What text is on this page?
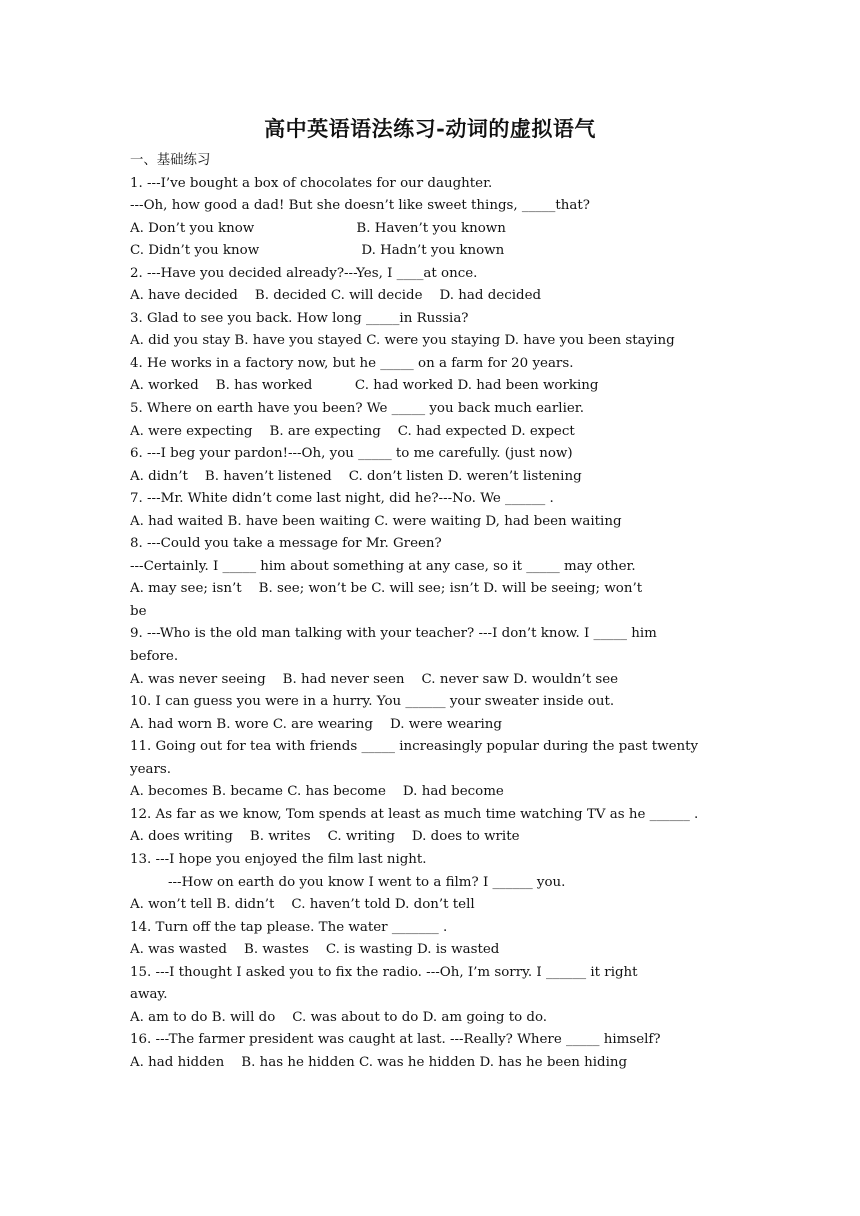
高中英语语法练习-动词的虚拟语气
一、基础练习
1. ---I’ve bought a box of chocolates for our daughter.
---Oh, how good a dad! But she doesn’t like sweet things, _____that?
A. Don’t you know                        B. Haven’t you known
C. Didn’t you know                        D. Hadn’t you known
2. ---Have you decided already?---Yes, I ____at once.
A. have decided    B. decided C. will decide    D. had decided
3. Glad to see you back. How long _____in Russia?
A. did you stay B. have you stayed C. were you staying D. have you been staying
4. He works in a factory now, but he _____ on a farm for 20 years.
A. worked    B. has worked          C. had worked D. had been working
5. Where on earth have you been? We _____ you back much earlier.
A. were expecting    B. are expecting    C. had expected D. expect
6. ---I beg your pardon!---Oh, you _____ to me carefully. (just now)
A. didn’t    B. haven’t listened    C. don’t listen D. weren’t listening
7. ---Mr. White didn’t come last night, did he?---No. We ______ .
A. had waited B. have been waiting C. were waiting D, had been waiting
8. ---Could you take a message for Mr. Green?
---Certainly. I _____ him about something at any case, so it _____ may other.
A. may see; isn’t    B. see; won’t be C. will see; isn’t D. will be seeing; won’t
be
9. ---Who is the old man talking with your teacher? ---I don’t know. I _____ him
before.
A. was never seeing    B. had never seen    C. never saw D. wouldn’t see
10. I can guess you were in a hurry. You ______ your sweater inside out.
A. had worn B. wore C. are wearing    D. were wearing
11. Going out for tea with friends _____ increasingly popular during the past twenty
years.
A. becomes B. became C. has become    D. had become
12. As far as we know, Tom spends at least as much time watching TV as he ______ .
A. does writing    B. writes    C. writing    D. does to write
13. ---I hope you enjoyed the film last night.
---How on earth do you know I went to a film? I ______ you.
A. won’t tell B. didn’t    C. haven’t told D. don’t tell
14. Turn off the tap please. The water _______ .
A. was wasted    B. wastes    C. is wasting D. is wasted
15. ---I thought I asked you to fix the radio. ---Oh, I’m sorry. I ______ it right
away.
A. am to do B. will do    C. was about to do D. am going to do.
16. ---The farmer president was caught at last. ---Really? Where _____ himself?
A. had hidden    B. has he hidden C. was he hidden D. has he been hiding
